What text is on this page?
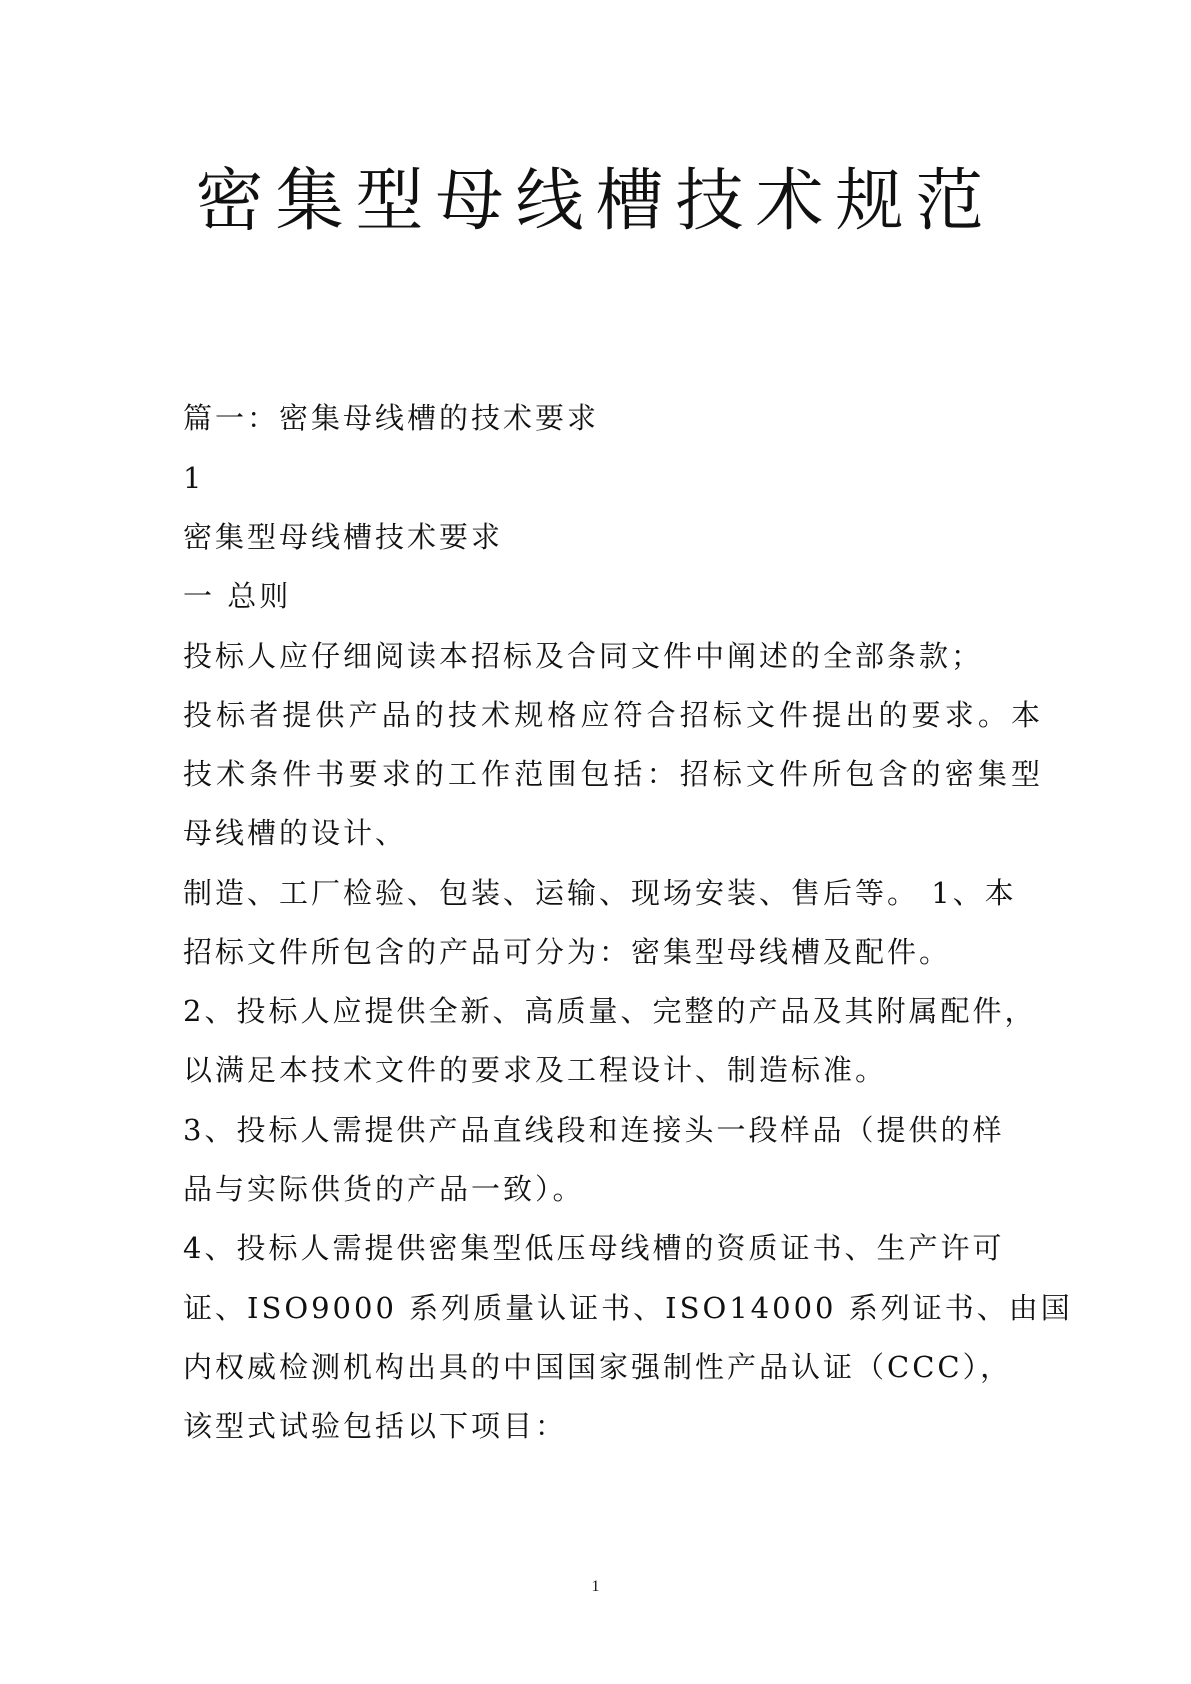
密集型母线槽技术规范
篇一：密集母线槽的技术要求
1
密集型母线槽技术要求
一 总则
投标人应仔细阅读本招标及合同文件中阐述的全部条款；
投标者提供产品的技术规格应符合招标文件提出的要求。本
技术条件书要求的工作范围包括：招标文件所包含的密集型
母线槽的设计、
制造、工厂检验、包装、运输、现场安装、售后等。 1、本
招标文件所包含的产品可分为：密集型母线槽及配件。
2、投标人应提供全新、高质量、完整的产品及其附属配件，
以满足本技术文件的要求及工程设计、制造标准。
3、投标人需提供产品直线段和连接头一段样品（提供的样
品与实际供货的产品一致）。
4、投标人需提供密集型低压母线槽的资质证书、生产许可
证、ISO9000 系列质量认证书、ISO14000 系列证书、由国
内权威检测机构出具的中国国家强制性产品认证（CCC），
该型式试验包括以下项目：
1
